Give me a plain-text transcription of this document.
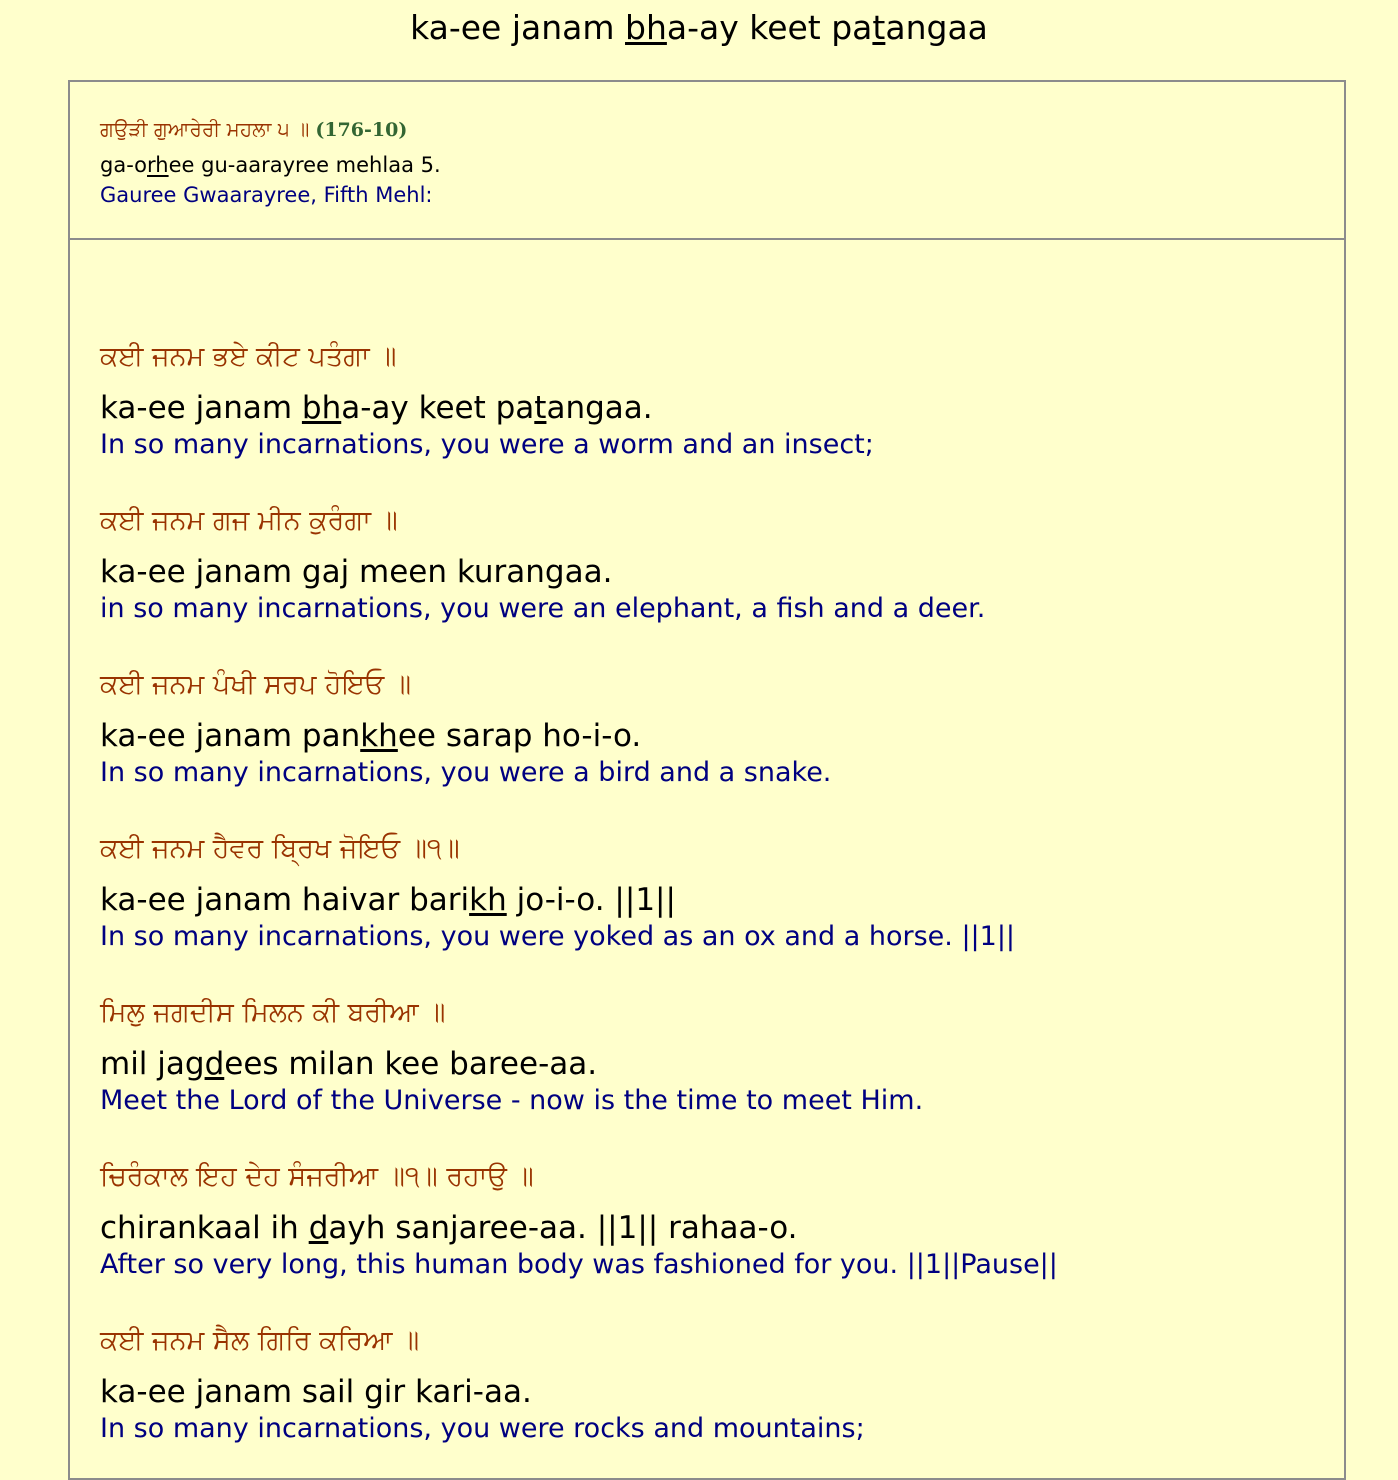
ka-ee janam bha-ay keet patangaa
ਗਉੜੀ ਗੁਆਰੇਰੀ ਮਹਲਾ ੫ ॥ (176-10)
ga-orhee gu-aarayree mehlaa 5.
Gauree Gwaarayree, Fifth Mehl:
ਕਈ ਜਨਮ ਭਏ ਕੀਟ ਪਤੰਗਾ ॥
ka-ee janam bha-ay keet patangaa.
In so many incarnations, you were a worm and an insect;
ਕਈ ਜਨਮ ਗਜ ਮੀਨ ਕੁਰੰਗਾ ॥
ka-ee janam gaj meen kurangaa.
in so many incarnations, you were an elephant, a fish and a deer.
ਕਈ ਜਨਮ ਪੰਖੀ ਸਰਪ ਹੋਇਓ ॥
ka-ee janam pankhee sarap ho-i-o.
In so many incarnations, you were a bird and a snake.
ਕਈ ਜਨਮ ਹੈਵਰ ਬ੍ਰਿਖ ਜੋਇਓ ॥੧॥
ka-ee janam haivar barikh jo-i-o. ||1||
In so many incarnations, you were yoked as an ox and a horse. ||1||
ਮਿਲੁ ਜਗਦੀਸ ਮਿਲਨ ਕੀ ਬਰੀਆ ॥
mil jagdees milan kee baree-aa.
Meet the Lord of the Universe - now is the time to meet Him.
ਚਿਰੰਕਾਲ ਇਹ ਦੇਹ ਸੰਜਰੀਆ ॥੧॥ ਰਹਾਉ ॥
chirankaal ih dayh sanjaree-aa. ||1|| rahaa-o.
After so very long, this human body was fashioned for you. ||1||Pause||
ਕਈ ਜਨਮ ਸੈਲ ਗਿਰਿ ਕਰਿਆ ॥
ka-ee janam sail gir kari-aa.
In so many incarnations, you were rocks and mountains;
